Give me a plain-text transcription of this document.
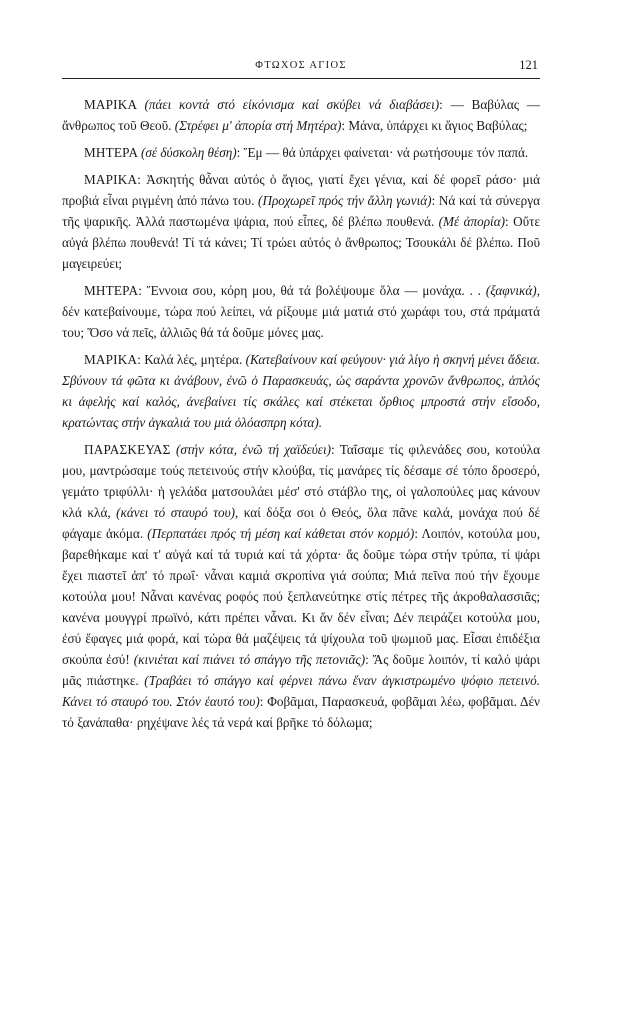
ΦΤΩΧΟΣ ΑΓΙΟΣ	121

ΜΑΡΙΚΑ (πάει κοντά στό εἰκόνισμα καί σκύβει νά διαβάσει): — Βαβύλας — ἄνθρωπος τοῦ Θεοῦ. (Στρέφει μ' ἀπορία στή Μητέρα): Μάνα, ὑπάρχει κι ἅγιος Βαβύλας;

ΜΗΤΕΡΑ (σέ δύσκολη θέση): Ἔμ — θά ὑπάρχει φαίνεται· νά ρωτήσουμε τόν παπά.

ΜΑΡΙΚΑ: Ἀσκητής θἆναι αὐτός ὁ ἅγιος, γιατί ἔχει γένια, καί δέ φορεῖ ράσο· μιά προβιά εἶναι ριγμένη ἀπό πάνω του. (Προχωρεῖ πρός τήν ἄλλη γωνιά): Νά καί τά σύνεργα τῆς ψαρικῆς. Ἀλλά παστωμένα ψάρια, πού εἶπες, δέ βλέπω πουθενά. (Μέ ἀπορία): Οὔτε αὐγά βλέπω πουθενά! Τί τά κάνει; Τί τρώει αὐτός ὁ ἄνθρωπος; Τσουκάλι δέ βλέπω. Ποῦ μαγειρεύει;

ΜΗΤΕΡΑ: Ἔννοια σου, κόρη μου, θά τά βολέψουμε ὅλα — μονάχα. . . (ξαφνικά), δέν κατεβαίνουμε, τώρα πού λείπει, νά ρίξουμε μιά ματιά στό χωράφι του, στά πράματά του; Ὅσο νά πεῖς, ἀλλιῶς θά τά δοῦμε μόνες μας.

ΜΑΡΙΚΑ: Καλά λές, μητέρα. (Κατεβαίνουν καί φεύγουν· γιά λίγο ἡ σκηνή μένει ἄδεια. Σβύνουν τά φῶτα κι ἀνάβουν, ἐνῶ ὁ Παρασκευάς, ὡς σαράντα χρονῶν ἄνθρωπος, ἁπλός κι ἀφελής καί καλός, ἀνεβαίνει τίς σκάλες καί στέκεται ὄρθιος μπροστά στήν εἴσοδο, κρατώντας στήν ἀγκαλιά του μιά ὁλόασπρη κότα).

ΠΑΡΑΣΚΕΥΑΣ (στήν κότα, ἐνῶ τή χαϊδεύει): Ταΐσαμε τίς φιλενάδες σου, κοτούλα μου, μαντρώσαμε τούς πετεινούς στήν κλούβα, τίς μανάρες τίς δέσαμε σέ τόπο δροσερό, γεμάτο τριφύλλι· ἡ γελάδα ματσουλάει μέσ' στό στάβλο της, οἱ γαλοπούλες μας κάνουν κλά κλά, (κάνει τό σταυρό του), καί δόξα σοι ὁ Θεός, ὅλα πᾶνε καλά, μονάχα πού δέ φάγαμε ἀκόμα. (Περπατάει πρός τή μέση καί κάθεται στόν κορμό): Λοιπόν, κοτούλα μου, βαρεθήκαμε καί τ' αὐγά καί τά τυριά καί τά χόρτα· ἄς δοῦμε τώρα στήν τρύπα, τί ψάρι ἔχει πιαστεῖ ἀπ' τό πρωΐ· νἆναι καμιά σκροπίνα γιά σούπα; Μιά πεῖνα πού τήν ἔχουμε κοτούλα μου! Νἆναι κανένας ροφός πού ξεπλανεύτηκε στίς πέτρες τῆς ἀκροθαλασσιᾶς; κανένα μουγγρί πρωϊνό, κάτι πρέπει νἆναι. Κι ἄν δέν εἶναι; Δέν πειράζει κοτούλα μου, ἐσύ ἔφαγες μιά φορά, καί τώρα θά μαζέψεις τά ψίχουλα τοῦ ψωμιοῦ μας. Εἶσαι ἐπιδέξια σκούπα ἐσύ! (κινιέται καί πιάνει τό σπάγγο τῆς πετονιᾶς): Ἄς δοῦμε λοιπόν, τί καλό ψάρι μᾶς πιάστηκε. (Τραβάει τό σπάγγο καί φέρνει πάνω ἕναν ἀγκιστρωμένο ψόφιο πετεινό. Κάνει τό σταυρό του. Στόν ἑαυτό του): Φοβᾶμαι, Παρασκευά, φοβᾶμαι λέω, φοβᾶμαι. Δέν τό ξανάπαθα· ρηχέψανε λές τά νερά καί βρῆκε τό δόλωμα;
